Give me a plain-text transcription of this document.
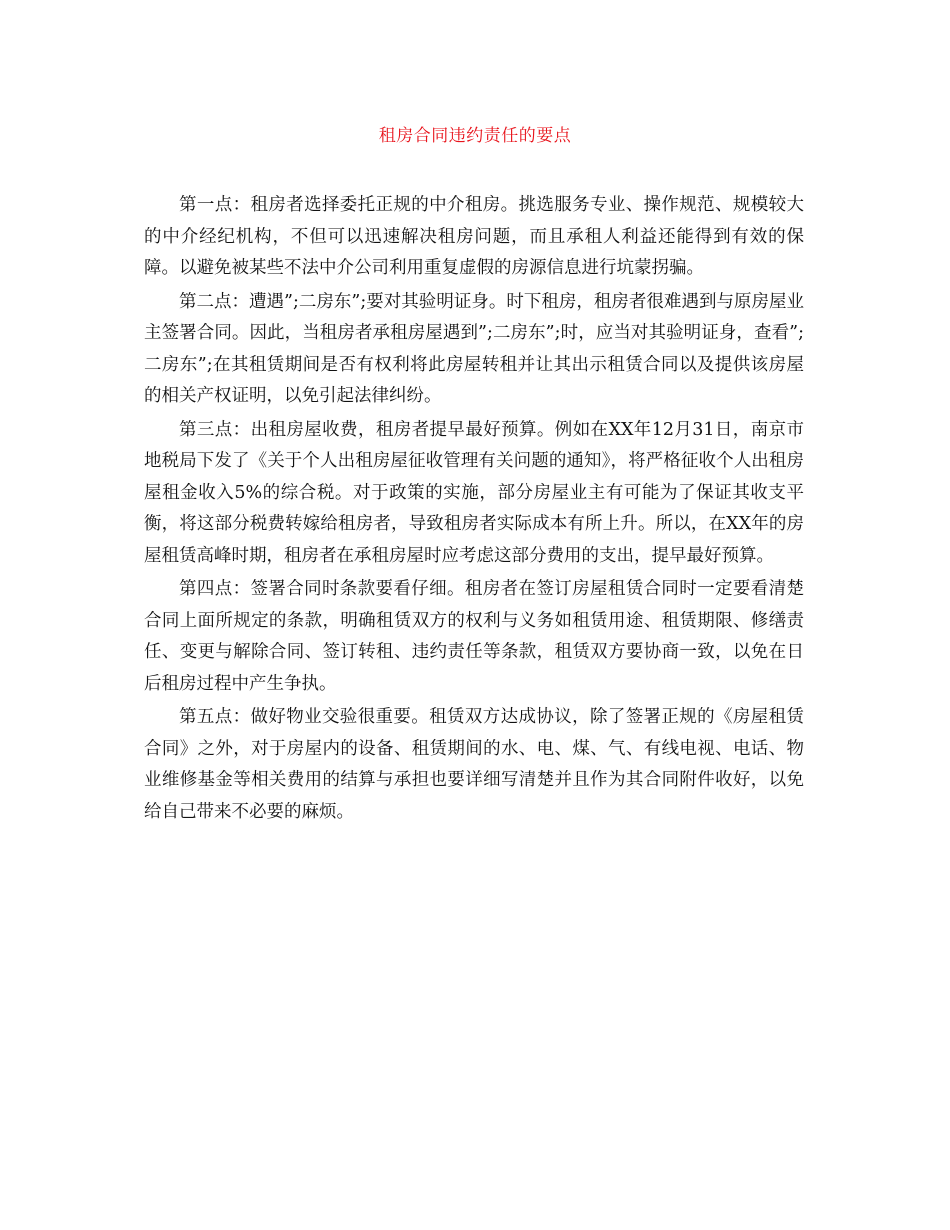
租房合同违约责任的要点

第一点：租房者选择委托正规的中介租房。挑选服务专业、操作规范、规模较大的中介经纪机构，不但可以迅速解决租房问题，而且承租人利益还能得到有效的保障。以避免被某些不法中介公司利用重复虚假的房源信息进行坑蒙拐骗。

第二点：遭遇”;二房东”;要对其验明证身。时下租房，租房者很难遇到与原房屋业主签署合同。因此，当租房者承租房屋遇到”;二房东”;时，应当对其验明证身，查看”;二房东”;在其租赁期间是否有权利将此房屋转租并让其出示租赁合同以及提供该房屋的相关产权证明，以免引起法律纠纷。

第三点：出租房屋收费，租房者提早最好预算。例如在XX年12月31日，南京市地税局下发了《关于个人出租房屋征收管理有关问题的通知》，将严格征收个人出租房屋租金收入5%的综合税。对于政策的实施，部分房屋业主有可能为了保证其收支平衡，将这部分税费转嫁给租房者，导致租房者实际成本有所上升。所以，在XX年的房屋租赁高峰时期，租房者在承租房屋时应考虑这部分费用的支出，提早最好预算。

第四点：签署合同时条款要看仔细。租房者在签订房屋租赁合同时一定要看清楚合同上面所规定的条款，明确租赁双方的权利与义务如租赁用途、租赁期限、修缮责任、变更与解除合同、签订转租、违约责任等条款，租赁双方要协商一致，以免在日后租房过程中产生争执。

第五点：做好物业交验很重要。租赁双方达成协议，除了签署正规的《房屋租赁合同》之外，对于房屋内的设备、租赁期间的水、电、煤、气、有线电视、电话、物业维修基金等相关费用的结算与承担也要详细写清楚并且作为其合同附件收好，以免给自己带来不必要的麻烦。
